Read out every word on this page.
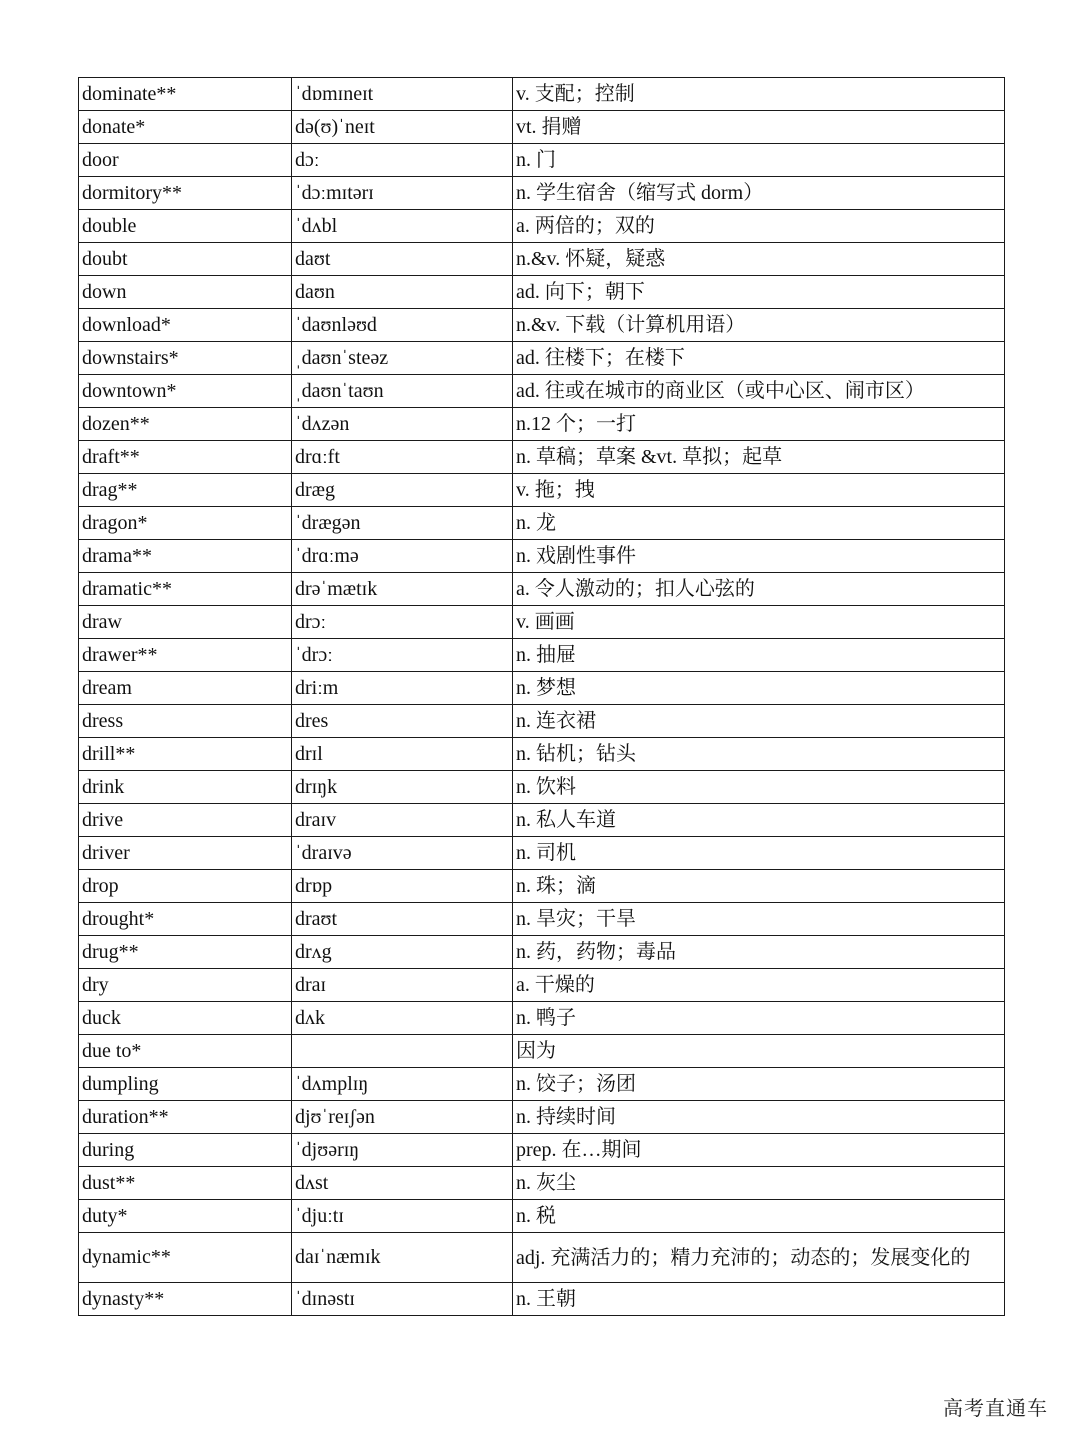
dominate**	ˈdɒmɪneɪt	v. 支配；控制
donate*	də(ʊ)ˈneɪt	vt. 捐赠
door	dɔː	n. 门
dormitory**	ˈdɔːmɪtərɪ	n. 学生宿舍（缩写式 dorm）
double	ˈdʌbl	a. 两倍的；双的
doubt	daʊt	n.&v. 怀疑，疑惑
down	daʊn	ad. 向下；朝下
download*	ˈdaʊnləʊd	n.&v. 下载（计算机用语）
downstairs*	ˌdaʊnˈsteəz	ad. 往楼下；在楼下
downtown*	ˌdaʊnˈtaʊn	ad. 往或在城市的商业区（或中心区、闹市区）
dozen**	ˈdʌzən	n.12 个；一打
draft**	drɑːft	n. 草稿；草案 &vt. 草拟；起草
drag**	dræg	v. 拖；拽
dragon*	ˈdrægən	n. 龙
drama**	ˈdrɑːmə	n. 戏剧性事件
dramatic**	drəˈmætɪk	a. 令人激动的；扣人心弦的
draw	drɔː	v. 画画
drawer**	ˈdrɔː	n. 抽屉
dream	driːm	n. 梦想
dress	dres	n. 连衣裙
drill**	drɪl	n. 钻机；钻头
drink	drɪŋk	n. 饮料
drive	draɪv	n. 私人车道
driver	ˈdraɪvə	n. 司机
drop	drɒp	n. 珠；滴
drought*	draʊt	n. 旱灾；干旱
drug**	drʌg	n. 药，药物；毒品
dry	draɪ	a. 干燥的
duck	dʌk	n. 鸭子
due to*		因为
dumpling	ˈdʌmplɪŋ	n. 饺子；汤团
duration**	djʊˈreɪʃən	n. 持续时间
during	ˈdjʊərɪŋ	prep. 在…期间
dust**	dʌst	n. 灰尘
duty*	ˈdjuːtɪ	n. 税
dynamic**	daɪˈnæmɪk	adj. 充满活力的；精力充沛的；动态的；发展变化的
dynasty**	ˈdɪnəstɪ	n. 王朝
高考直通车
